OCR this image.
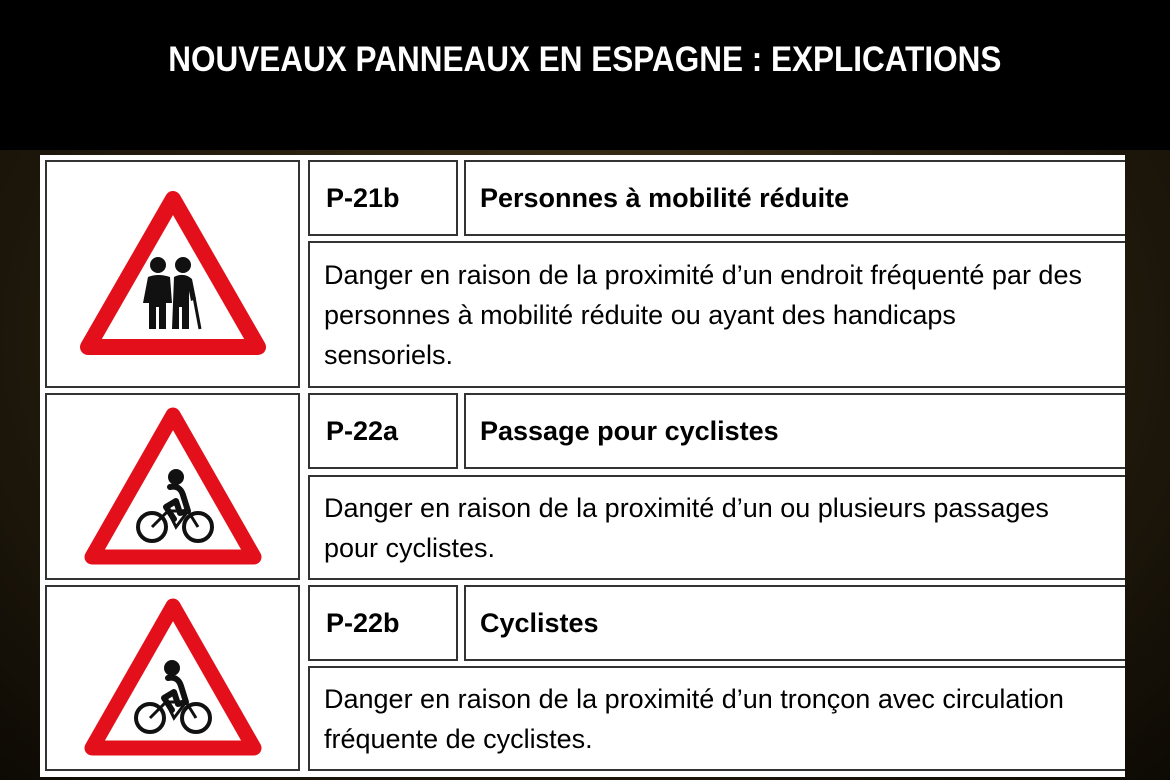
NOUVEAUX PANNEAUX EN ESPAGNE : EXPLICATIONS
P-21b	Personnes à mobilité réduite
Danger en raison de la proximité d’un endroit fréquenté par des personnes à mobilité réduite ou ayant des handicaps sensoriels.
P-22a	Passage pour cyclistes
Danger en raison de la proximité d’un ou plusieurs passages pour cyclistes.
P-22b	Cyclistes
Danger en raison de la proximité d’un tronçon avec circulation fréquente de cyclistes.
